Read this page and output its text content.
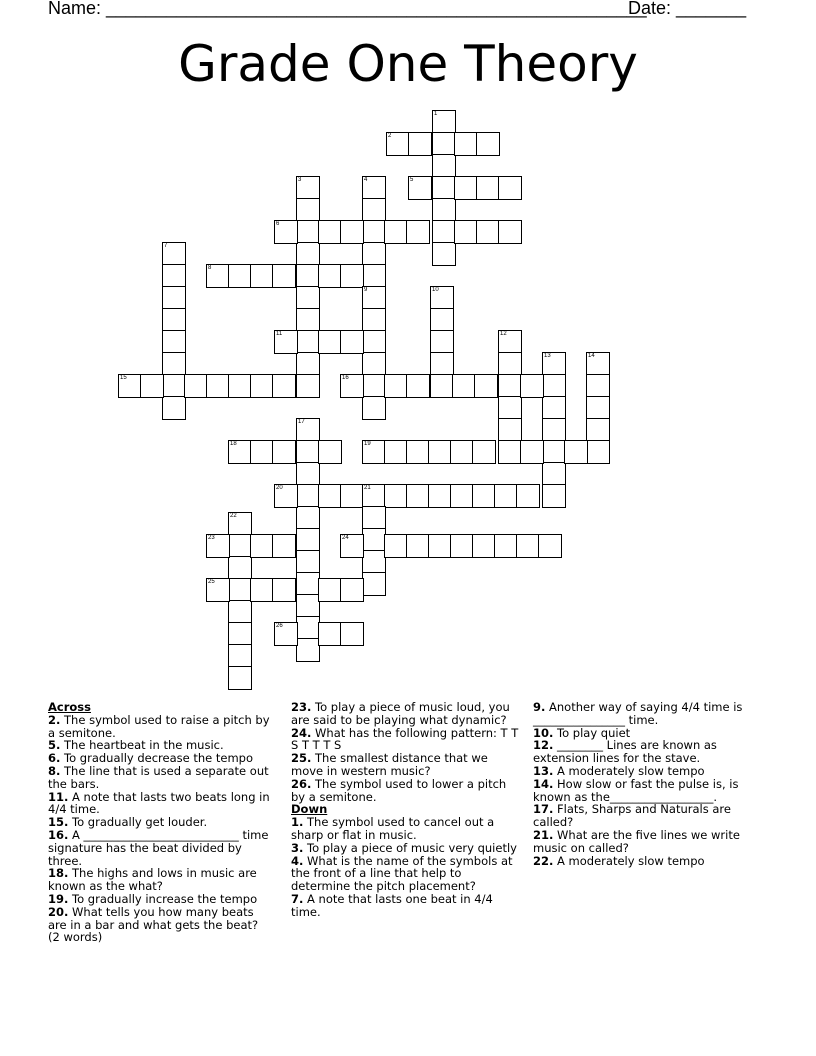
Name: ______________________________________________________
Date: _______
Grade One Theory
1
2
3	4	5
6
7
8
9	10
11	12
13	14
15	16
17
18	19
20	21
22
23	24
25
26
Across
2. The symbol used to raise a pitch by a semitone.
5. The heartbeat in the music.
6. To gradually decrease the tempo
8. The line that is used a separate out the bars.
11. A note that lasts two beats long in 4/4 time.
15. To gradually get louder.
16. A ___________________________ time signature has the beat divided by three.
18. The highs and lows in music are known as the what?
19. To gradually increase the tempo
20. What tells you how many beats are in a bar and what gets the beat? (2 words)
23. To play a piece of music loud, you are said to be playing what dynamic?
24. What has the following pattern: T T S T T T S
25. The smallest distance that we move in western music?
26. The symbol used to lower a pitch by a semitone.
Down
1. The symbol used to cancel out a sharp or flat in music.
3. To play a piece of music very quietly
4. What is the name of the symbols at the front of a line that help to determine the pitch placement?
7. A note that lasts one beat in 4/4 time.
9. Another way of saying 4/4 time is ________________ time.
10. To play quiet
12. ________ Lines are known as extension lines for the stave.
13. A moderately slow tempo
14. How slow or fast the pulse is, is known as the__________________.
17. Flats, Sharps and Naturals are called?
21. What are the five lines we write music on called?
22. A moderately slow tempo
